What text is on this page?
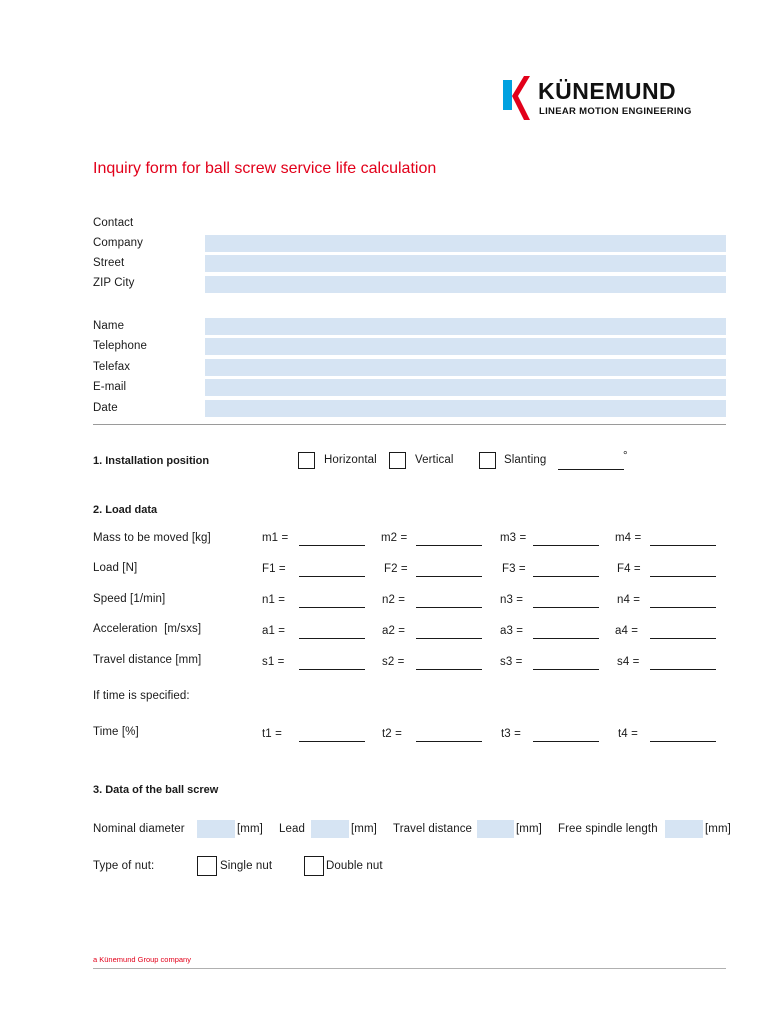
KÜNEMUND
LINEAR MOTION ENGINEERING
Inquiry form for ball screw service life calculation
Contact
Company
Street
ZIP City
Name
Telephone
Telefax
E-mail
Date
1. Installation position	Horizontal	Vertical	Slanting	°
2. Load data
Mass to be moved [kg]	m1 =	m2 =	m3 =	m4 =
Load [N]	F1 =	F2 =	F3 =	F4 =
Speed [1/min]	n1 =	n2 =	n3 =	n4 =
Acceleration  [m/sxs]	a1 =	a2 =	a3 =	a4 =
Travel distance [mm]	s1 =	s2 =	s3 =	s4 =
If time is specified:
Time [%]	t1 =	t2 =	t3 =	t4 =
3. Data of the ball screw
Nominal diameter	[mm] Lead	[mm] Travel distance	[mm] Free spindle length	[mm]
Type of nut:	Single nut	Double nut
a Künemund Group company
